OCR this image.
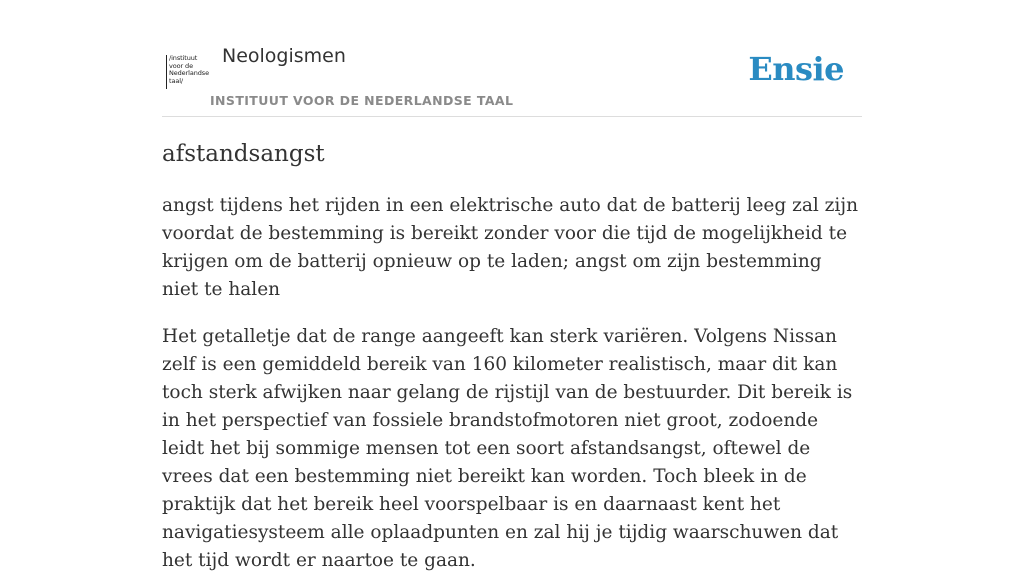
/instituut
voor de
Nederlandse
taal/
Neologismen
INSTITUUT VOOR DE NEDERLANDSE TAAL
Ensie
afstandsangst

angst tijdens het rijden in een elektrische auto dat de batterij leeg zal zijn voordat de bestemming is bereikt zonder voor die tijd de mogelijkheid te krijgen om de batterij opnieuw op te laden; angst om zijn bestemming niet te halen

Het getalletje dat de range aangeeft kan sterk variëren. Volgens Nissan zelf is een gemiddeld bereik van 160 kilometer realistisch, maar dit kan toch sterk afwijken naar gelang de rijstijl van de bestuurder. Dit bereik is in het perspectief van fossiele brandstofmotoren niet groot, zodoende leidt het bij sommige mensen tot een soort afstandsangst, oftewel de vrees dat een bestemming niet bereikt kan worden. Toch bleek in de praktijk dat het bereik heel voorspelbaar is en daarnaast kent het navigatiesysteem alle oplaadpunten en zal hij je tijdig waarschuwen dat het tijd wordt er naartoe te gaan.
